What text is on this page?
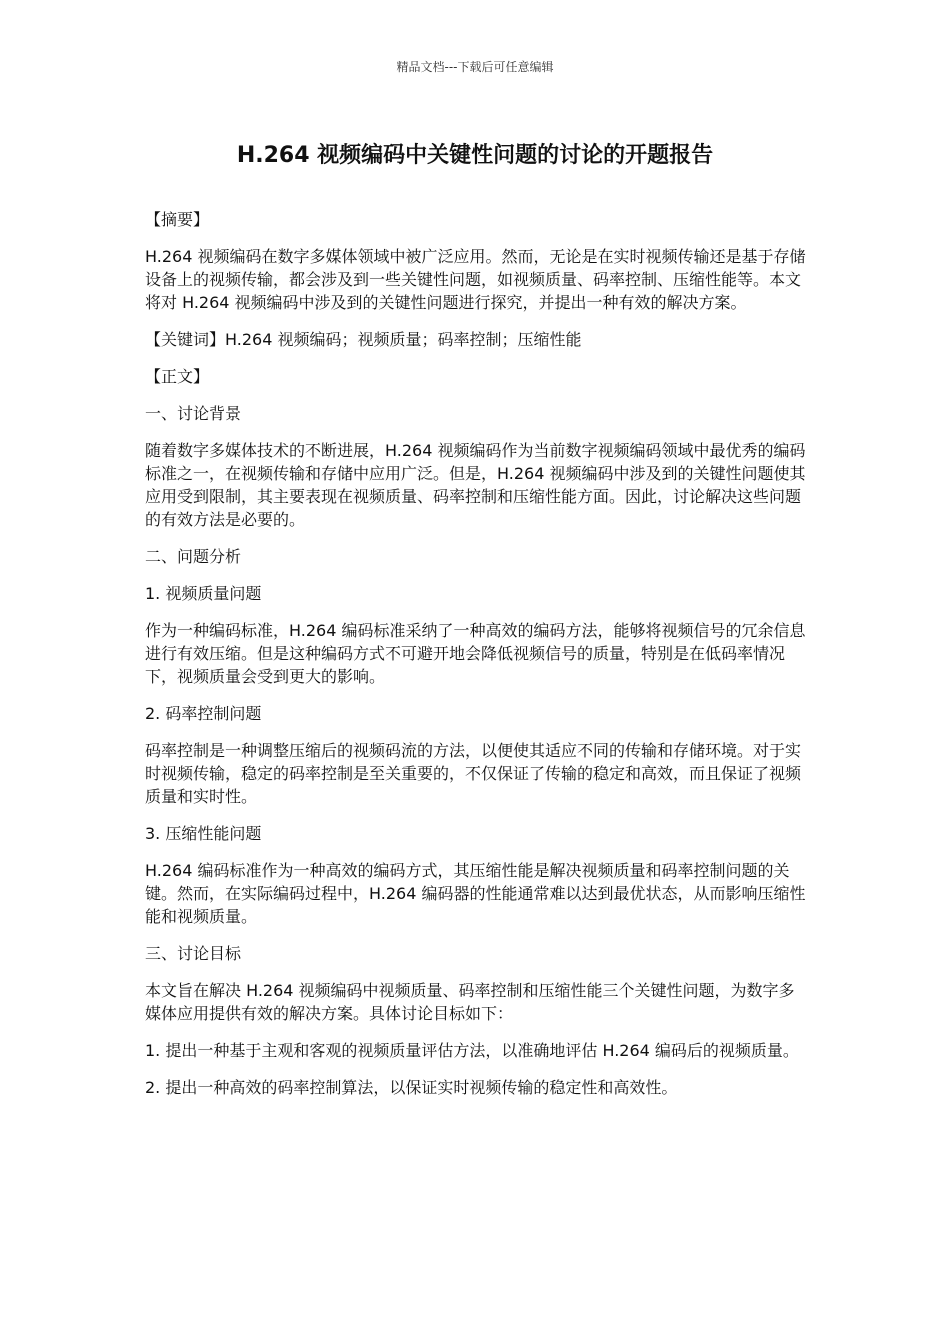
精品文档---下载后可任意编辑
H.264 视频编码中关键性问题的讨论的开题报告

【摘要】

H.264 视频编码在数字多媒体领域中被广泛应用。然而，无论是在实时视频传输还是基于存储设备上的视频传输，都会涉及到一些关键性问题，如视频质量、码率控制、压缩性能等。本文将对 H.264 视频编码中涉及到的关键性问题进行探究，并提出一种有效的解决方案。

【关键词】H.264 视频编码；视频质量；码率控制；压缩性能

【正文】

一、讨论背景

随着数字多媒体技术的不断进展，H.264 视频编码作为当前数字视频编码领域中最优秀的编码标准之一，在视频传输和存储中应用广泛。但是，H.264 视频编码中涉及到的关键性问题使其应用受到限制，其主要表现在视频质量、码率控制和压缩性能方面。因此，讨论解决这些问题的有效方法是必要的。

二、问题分析

1. 视频质量问题

作为一种编码标准，H.264 编码标准采纳了一种高效的编码方法，能够将视频信号的冗余信息进行有效压缩。但是这种编码方式不可避开地会降低视频信号的质量，特别是在低码率情况下，视频质量会受到更大的影响。

2. 码率控制问题

码率控制是一种调整压缩后的视频码流的方法，以便使其适应不同的传输和存储环境。对于实时视频传输，稳定的码率控制是至关重要的，不仅保证了传输的稳定和高效，而且保证了视频质量和实时性。

3. 压缩性能问题

H.264 编码标准作为一种高效的编码方式，其压缩性能是解决视频质量和码率控制问题的关键。然而，在实际编码过程中，H.264 编码器的性能通常难以达到最优状态，从而影响压缩性能和视频质量。

三、讨论目标

本文旨在解决 H.264 视频编码中视频质量、码率控制和压缩性能三个关键性问题，为数字多媒体应用提供有效的解决方案。具体讨论目标如下：

1. 提出一种基于主观和客观的视频质量评估方法，以准确地评估 H.264 编码后的视频质量。

2. 提出一种高效的码率控制算法，以保证实时视频传输的稳定性和高效性。
